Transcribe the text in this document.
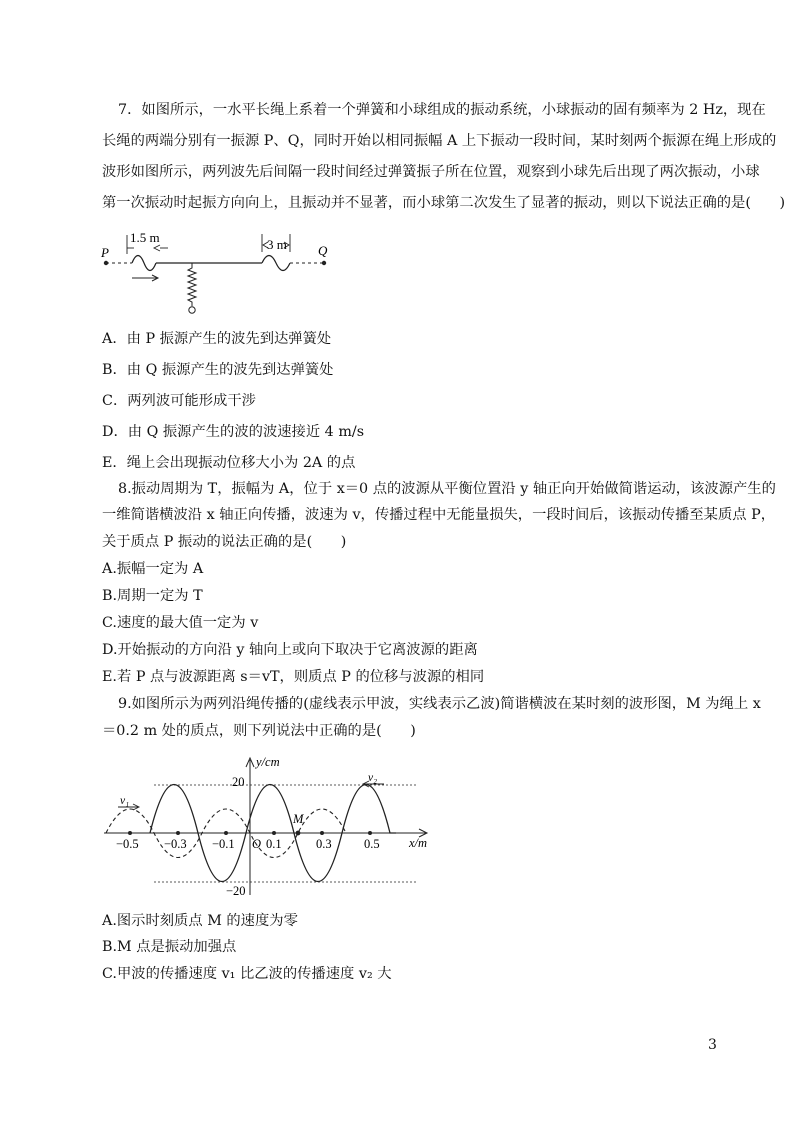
7．如图所示，一水平长绳上系着一个弹簧和小球组成的振动系统，小球振动的固有频率为 2 Hz，现在
长绳的两端分别有一振源 P、Q，同时开始以相同振幅 A 上下振动一段时间，某时刻两个振源在绳上形成的
波形如图所示，两列波先后间隔一段时间经过弹簧振子所在位置，观察到小球先后出现了两次振动，小球
第一次振动时起振方向向上，且振动并不显著，而小球第二次发生了显著的振动，则以下说法正确的是(　　)
P	Q
1.5 m	3 m
A．由 P 振源产生的波先到达弹簧处
B．由 Q 振源产生的波先到达弹簧处
C．两列波可能形成干涉
D．由 Q 振源产生的波的波速接近 4 m/s
E．绳上会出现振动位移大小为 2A 的点
8.振动周期为 T，振幅为 A，位于 x＝0 点的波源从平衡位置沿 y 轴正向开始做简谐运动，该波源产生的
一维简谐横波沿 x 轴正向传播，波速为 v，传播过程中无能量损失，一段时间后，该振动传播至某质点 P，
关于质点 P 振动的说法正确的是(　　)
A.振幅一定为 A
B.周期一定为 T
C.速度的最大值一定为 v
D.开始振动的方向沿 y 轴向上或向下取决于它离波源的距离
E.若 P 点与波源距离 s＝vT，则质点 P 的位移与波源的相同
9.如图所示为两列沿绳传播的(虚线表示甲波，实线表示乙波)简谐横波在某时刻的波形图，M 为绳上 x
＝0.2 m 处的质点，则下列说法中正确的是(　　)
y/cm
x/m
20
−20
−0.5 −0.3 −0.1	0.1	0.3	0.5
O
M
v₁
v₂
A.图示时刻质点 M 的速度为零
B.M 点是振动加强点
C.甲波的传播速度 v₁ 比乙波的传播速度 v₂ 大
3
